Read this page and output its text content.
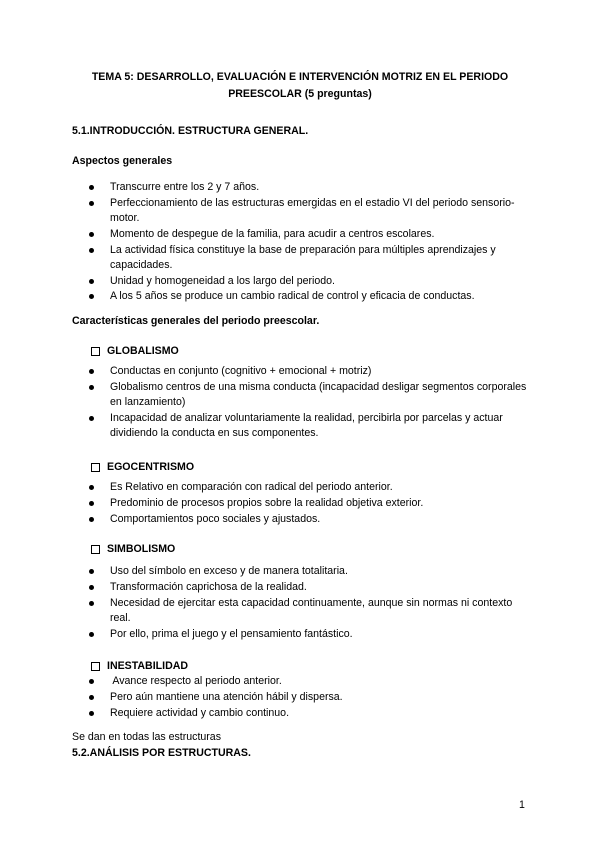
TEMA 5: DESARROLLO, EVALUACIÓN E INTERVENCIÓN MOTRIZ EN EL PERIODO
PREESCOLAR (5 preguntas)

5.1.INTRODUCCIÓN. ESTRUCTURA GENERAL.

Aspectos generales

Transcurre entre los 2 y 7 años.
Perfeccionamiento de las estructuras emergidas en el estadio VI del periodo sensorio-motor.
Momento de despegue de la familia, para acudir a centros escolares.
La actividad física constituye la base de preparación para múltiples aprendizajes y capacidades.
Unidad y homogeneidad a los largo del periodo.
A los 5 años se produce un cambio radical de control y eficacia de conductas.

Características generales del periodo preescolar.

GLOBALISMO
Conductas en conjunto (cognitivo + emocional + motriz)
Globalismo centros de una misma conducta (incapacidad desligar segmentos corporales en lanzamiento)
Incapacidad de analizar voluntariamente la realidad, percibirla por parcelas y actuar dividiendo la conducta en sus componentes.
EGOCENTRISMO
Es Relativo en comparación con radical del periodo anterior.
Predominio de procesos propios sobre la realidad objetiva exterior.
Comportamientos poco sociales y ajustados.
SIMBOLISMO
Uso del símbolo en exceso y de manera totalitaria.
Transformación caprichosa de la realidad.
Necesidad de ejercitar esta capacidad continuamente, aunque sin normas ni contexto real.
Por ello, prima el juego y el pensamiento fantástico.
INESTABILIDAD
Avance respecto al periodo anterior.
Pero aún mantiene una atención hábil y dispersa.
Requiere actividad y cambio continuo.

Se dan en todas las estructuras

5.2.ANÁLISIS POR ESTRUCTURAS.

1
